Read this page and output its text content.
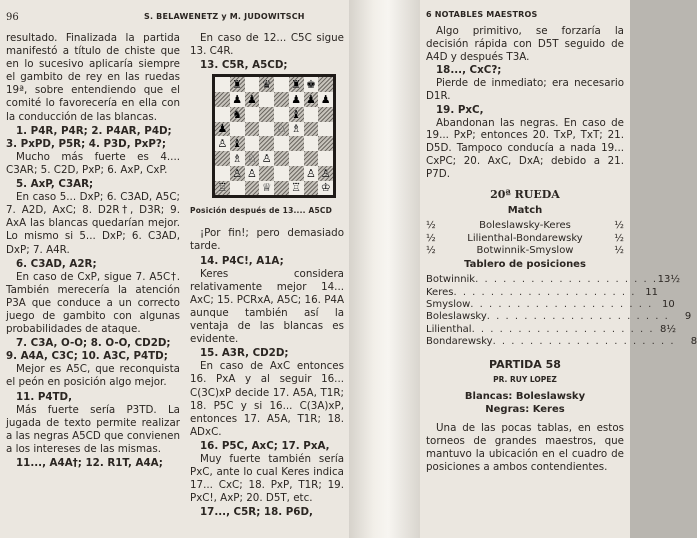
96	S. BELAWENETZ y M. JUDOWITSCH

resultado. Finalizada la partida manifestó a título de chiste que en lo sucesivo aplicaría siempre el gambito de rey en las ruedas 19ª, sobre entendiendo que el comité lo favorecería en ella con la conducción de las blancas.

1. P4R, P4R; 2. P4AR, P4D; 3. PxPD, P5R; 4. P3D, PxP?;

Mucho más fuerte es 4.... C3AR; 5. C2D, PxP; 6. AxP, CxP.

5. AxP, C3AR;

En caso 5... DxP; 6. C3AD, A5C; 7. A2D, AxC; 8. D2R†, D3R; 9. AxA las blancas quedarían mejor. Lo mismo si 5... DxP; 6. C3AD, DxP; 7. A4R.

6. C3AD, A2R;

En caso de CxP, sigue 7. A5C†. También merecería la atención P3A que conduce a un correcto juego de gambito con algunas probabilidades de ataque.

7. C3A, O-O; 8. O-O, CD2D; 9. A4A, C3C; 10. A3C, P4TD;

Mejor es A5C, que reconquista el peón en posición algo mejor.

11. P4TD,

Más fuerte sería P3TD. La jugada de texto permite realizar a las negras A5CD que convienen a los intereses de las mismas.

11..., A4A†; 12. R1T, A4A;

En caso de 12... C5C sigue 13. C4R.

13. C5R, A5CD;

♜ ♛ ♜ ♚
♟ ♟	♟ ♟ ♟
♞	♝
♟	♘ ♗
♙ ♝
♗ ♘ ♙
♙ ♙	♙ ♙
♖	♕ ♖ ♔
Posición después de 13.... A5CD

¡Por fin!; pero demasiado tarde.

14. P4C!, A1A;

Keres considera relativamente mejor 14... AxC; 15. PCRxA, A5C; 16. P4A aunque también así la ventaja de las blancas es evidente.

15. A3R, CD2D;

En caso de AxC entonces 16. PxA y al seguir 16... C(3C)xP decide 17. A5A, T1R; 18. P5C y si 16... C(3A)xP, entonces 17. A5A, T1R; 18. ADxC.

16. P5C, AxC; 17. PxA,

Muy fuerte también sería PxC, ante lo cual Keres indica 17... CxC; 18. PxP, T1R; 19. PxC!, AxP; 20. D5T, etc.

17..., C5R; 18. P6D,

6 NOTABLES MAESTROS

Algo primitivo, se forzaría la decisión rápida con D5T seguido de A4D y después T3A.

18..., CxC?;

Pierde de inmediato; era necesario D1R.

19. PxC,

Abandonan las negras. En caso de 19... PxP; entonces 20. TxP, TxT; 21. D5D. Tampoco conducía a nada 19... CxPC; 20. AxC, DxA; debido a 21. P7D.

20ª RUEDA
Match
½	Boleslawsky-Keres	½
½	Lilienthal-Bondarewsky	½
½	Botwinnik-Smyslow	½
Tablero de posiciones
Botwinnik . . . . . . . . . . . . . . . . . . . . 13½
Keres . . . . . . . . . . . . . . . . . . . . 11
Smyslow . . . . . . . . . . . . . . . . . . . . 10
Boleslawsky . . . . . . . . . . . . . . . . . . . .	9
Lilienthal . . . . . . . . . . . . . . . . . . . . 8½
Bondarewsky . . . . . . . . . . . . . . . . . . . .	8
PARTIDA 58
PR. RUY LOPEZ
Blancas: Boleslawsky
Negras: Keres

Una de las pocas tablas, en estos torneos de grandes maestros, que mantuvo la ubicación en el cuadro de posiciones a ambos contendientes.
